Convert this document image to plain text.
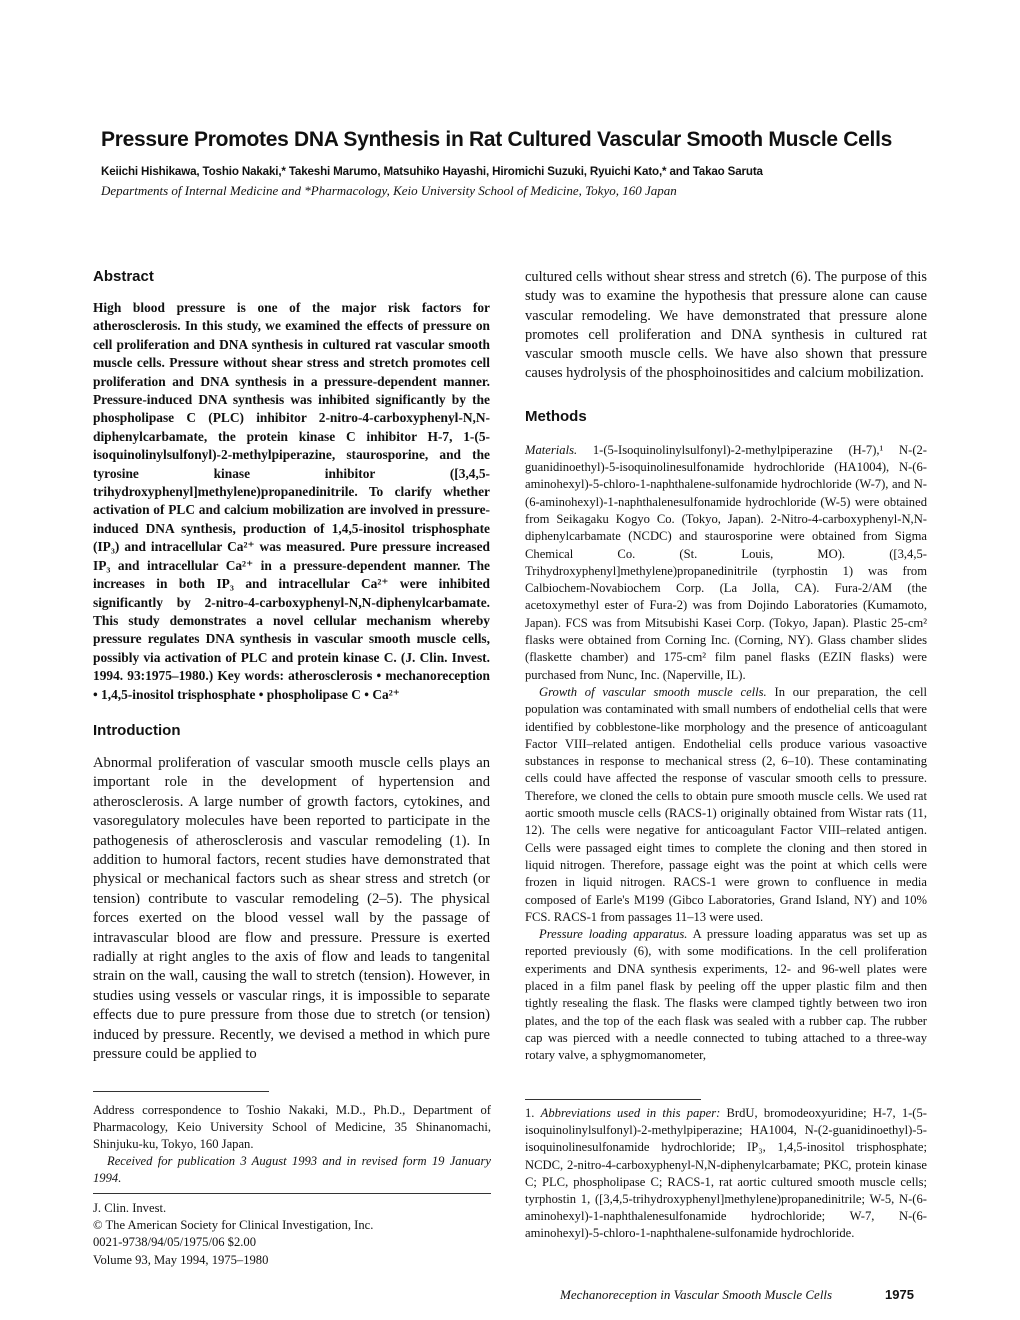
Pressure Promotes DNA Synthesis in Rat Cultured Vascular Smooth Muscle Cells
Keiichi Hishikawa, Toshio Nakaki,* Takeshi Marumo, Matsuhiko Hayashi, Hiromichi Suzuki, Ryuichi Kato,* and Takao Saruta
Departments of Internal Medicine and *Pharmacology, Keio University School of Medicine, Tokyo, 160 Japan
Abstract

High blood pressure is one of the major risk factors for atherosclerosis. In this study, we examined the effects of pressure on cell proliferation and DNA synthesis in cultured rat vascular smooth muscle cells. Pressure without shear stress and stretch promotes cell proliferation and DNA synthesis in a pressure-dependent manner. Pressure-induced DNA synthesis was inhibited significantly by the phospholipase C (PLC) inhibitor 2-nitro-4-carboxyphenyl-N,N-diphenylcarbamate, the protein kinase C inhibitor H-7, 1-(5-isoquinolinylsulfonyl)-2-methylpiperazine, staurosporine, and the tyrosine kinase inhibitor ([3,4,5-trihydroxyphenyl]methylene)propanedinitrile. To clarify whether activation of PLC and calcium mobilization are involved in pressure-induced DNA synthesis, production of 1,4,5-inositol trisphosphate (IP₃) and intracellular Ca²⁺ was measured. Pure pressure increased IP₃ and intracellular Ca²⁺ in a pressure-dependent manner. The increases in both IP₃ and intracellular Ca²⁺ were inhibited significantly by 2-nitro-4-carboxyphenyl-N,N-diphenylcarbamate. This study demonstrates a novel cellular mechanism whereby pressure regulates DNA synthesis in vascular smooth muscle cells, possibly via activation of PLC and protein kinase C. (J. Clin. Invest. 1994. 93:1975–1980.) Key words: atherosclerosis • mechanoreception • 1,4,5-inositol trisphosphate • phospholipase C • Ca²⁺

Introduction

Abnormal proliferation of vascular smooth muscle cells plays an important role in the development of hypertension and atherosclerosis. A large number of growth factors, cytokines, and vasoregulatory molecules have been reported to participate in the pathogenesis of atherosclerosis and vascular remodeling (1). In addition to humoral factors, recent studies have demonstrated that physical or mechanical factors such as shear stress and stretch (or tension) contribute to vascular remodeling (2–5). The physical forces exerted on the blood vessel wall by the passage of intravascular blood are flow and pressure. Pressure is exerted radially at right angles to the axis of flow and leads to tangenital strain on the wall, causing the wall to stretch (tension). However, in studies using vessels or vascular rings, it is impossible to separate effects due to pure pressure from those due to stretch (or tension) induced by pressure. Recently, we devised a method in which pure pressure could be applied to

cultured cells without shear stress and stretch (6). The purpose of this study was to examine the hypothesis that pressure alone can cause vascular remodeling. We have demonstrated that pressure alone promotes cell proliferation and DNA synthesis in cultured rat vascular smooth muscle cells. We have also shown that pressure causes hydrolysis of the phosphoinositides and calcium mobilization.

Methods

Materials. 1-(5-Isoquinolinylsulfonyl)-2-methylpiperazine (H-7),¹ N-(2-guanidinoethyl)-5-isoquinolinesulfonamide hydrochloride (HA1004), N-(6-aminohexyl)-5-chloro-1-naphthalene-sulfonamide hydrochloride (W-7), and N-(6-aminohexyl)-1-naphthalenesulfonamide hydrochloride (W-5) were obtained from Seikagaku Kogyo Co. (Tokyo, Japan). 2-Nitro-4-carboxyphenyl-N,N-diphenylcarbamate (NCDC) and staurosporine were obtained from Sigma Chemical Co. (St. Louis, MO). ([3,4,5-Trihydroxyphenyl]methylene)propanedinitrile (tyrphostin 1) was from Calbiochem-Novabiochem Corp. (La Jolla, CA). Fura-2/AM (the acetoxymethyl ester of Fura-2) was from Dojindo Laboratories (Kumamoto, Japan). FCS was from Mitsubishi Kasei Corp. (Tokyo, Japan). Plastic 25-cm² flasks were obtained from Corning Inc. (Corning, NY). Glass chamber slides (flaskette chamber) and 175-cm² film panel flasks (EZIN flasks) were purchased from Nunc, Inc. (Naperville, IL).

Growth of vascular smooth muscle cells. In our preparation, the cell population was contaminated with small numbers of endothelial cells that were identified by cobblestone-like morphology and the presence of anticoagulant Factor VIII–related antigen. Endothelial cells produce various vasoactive substances in response to mechanical stress (2, 6–10). These contaminating cells could have affected the response of vascular smooth cells to pressure. Therefore, we cloned the cells to obtain pure smooth muscle cells. We used rat aortic smooth muscle cells (RACS-1) originally obtained from Wistar rats (11, 12). The cells were negative for anticoagulant Factor VIII–related antigen. Cells were passaged eight times to complete the cloning and then stored in liquid nitrogen. Therefore, passage eight was the point at which cells were frozen in liquid nitrogen. RACS-1 were grown to confluence in media composed of Earle's M199 (Gibco Laboratories, Grand Island, NY) and 10% FCS. RACS-1 from passages 11–13 were used.

Pressure loading apparatus. A pressure loading apparatus was set up as reported previously (6), with some modifications. In the cell proliferation experiments and DNA synthesis experiments, 12- and 96-well plates were placed in a film panel flask by peeling off the upper plastic film and then tightly resealing the flask. The flasks were clamped tightly between two iron plates, and the top of the each flask was sealed with a rubber cap. The rubber cap was pierced with a needle connected to tubing attached to a three-way rotary valve, a sphygmomanometer,

Address correspondence to Toshio Nakaki, M.D., Ph.D., Department of Pharmacology, Keio University School of Medicine, 35 Shinanomachi, Shinjuku-ku, Tokyo, 160 Japan.

Received for publication 3 August 1993 and in revised form 19 January 1994.

J. Clin. Invest.
© The American Society for Clinical Investigation, Inc.
0021-9738/94/05/1975/06 $2.00
Volume 93, May 1994, 1975–1980
1. Abbreviations used in this paper: BrdU, bromodeoxyuridine; H-7, 1-(5-isoquinolinylsulfonyl)-2-methylpiperazine; HA1004, N-(2-guanidinoethyl)-5-isoquinolinesulfonamide hydrochloride; IP₃, 1,4,5-inositol trisphosphate; NCDC, 2-nitro-4-carboxyphenyl-N,N-diphenylcarbamate; PKC, protein kinase C; PLC, phospholipase C; RACS-1, rat aortic cultured smooth muscle cells; tyrphostin 1, ([3,4,5-trihydroxyphenyl]methylene)propanedinitrile; W-5, N-(6-aminohexyl)-1-naphthalenesulfonamide hydrochloride; W-7, N-(6-aminohexyl)-5-chloro-1-naphthalene-sulfonamide hydrochloride.
Mechanoreception in Vascular Smooth Muscle Cells	1975
